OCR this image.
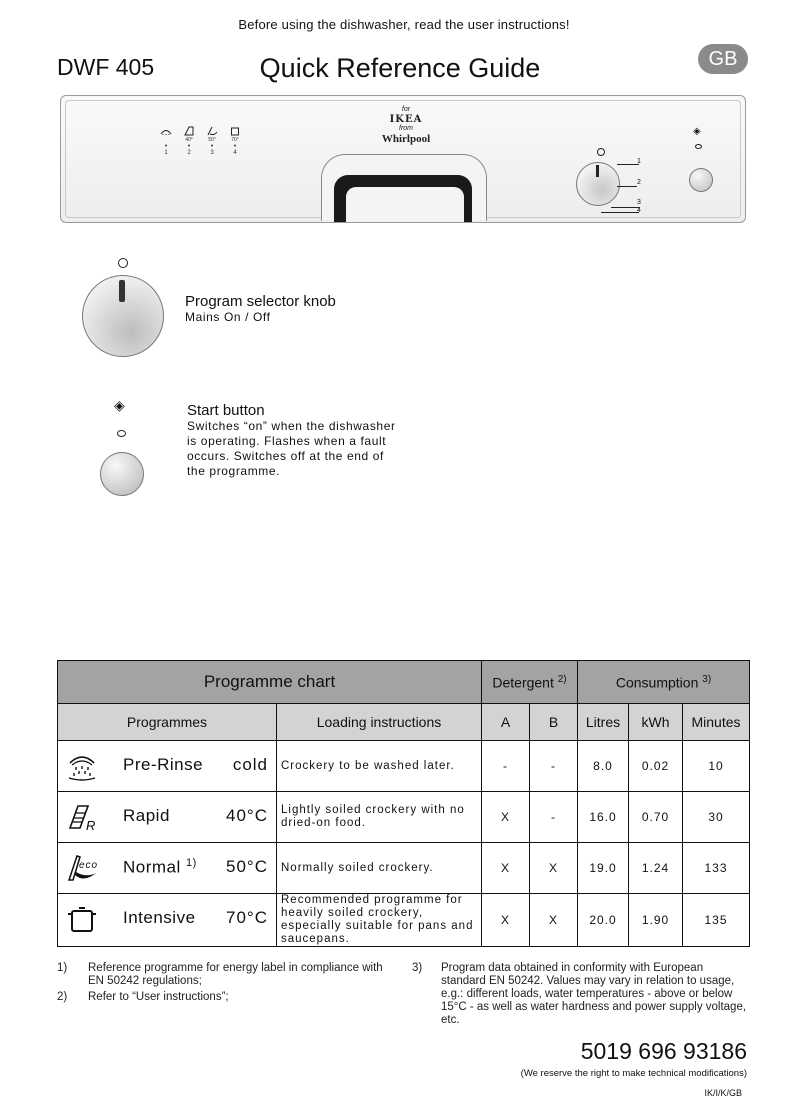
Before using the dishwasher, read the user instructions!
DWF 405	Quick Reference Guide	GB
•
1
40°
•
2
50°
•
3
70°
•
4
for
IKEA
from
Whirlpool
1
2
3
4
◈
Program selector knob
Mains On / Off
◈	Start button
Switches “on” when the dishwasher is operating. Flashes when a fault occurs. Switches off at the end of the programme.
Programme chart		Detergent $^{2)}$		Consumption $^{3)}$
Programmes	Loading instructions	A	B	Litres	kWh	Minutes

Pre-Rinse cold	Crockery to be washed later.	-	-	8.0	0.02	10

R
Rapid 40°C	Lightly soiled crockery with no dried-on food.	X	-	16.0	0.70	30

eco Normal $^{1)}$ 50°C	Normally soiled crockery.	X	X	19.0	1.24	133

Intensive 70°C	Recommended programme for heavily soiled crockery, especially suitable for pans and saucepans.	X	X	20.0	1.90	135
1) Reference programme for energy label in compliance with EN 50242 regulations;
2) Refer to “User instructions”;
3) Program data obtained in conformity with European standard EN 50242. Values may vary in relation to usage, e.g.: different loads, water temperatures - above or below 15°C - as well as water hardness and power supply voltage, etc.
5019 696 93186
(We reserve the right to make technical modifications)
IK/I/K/GB
